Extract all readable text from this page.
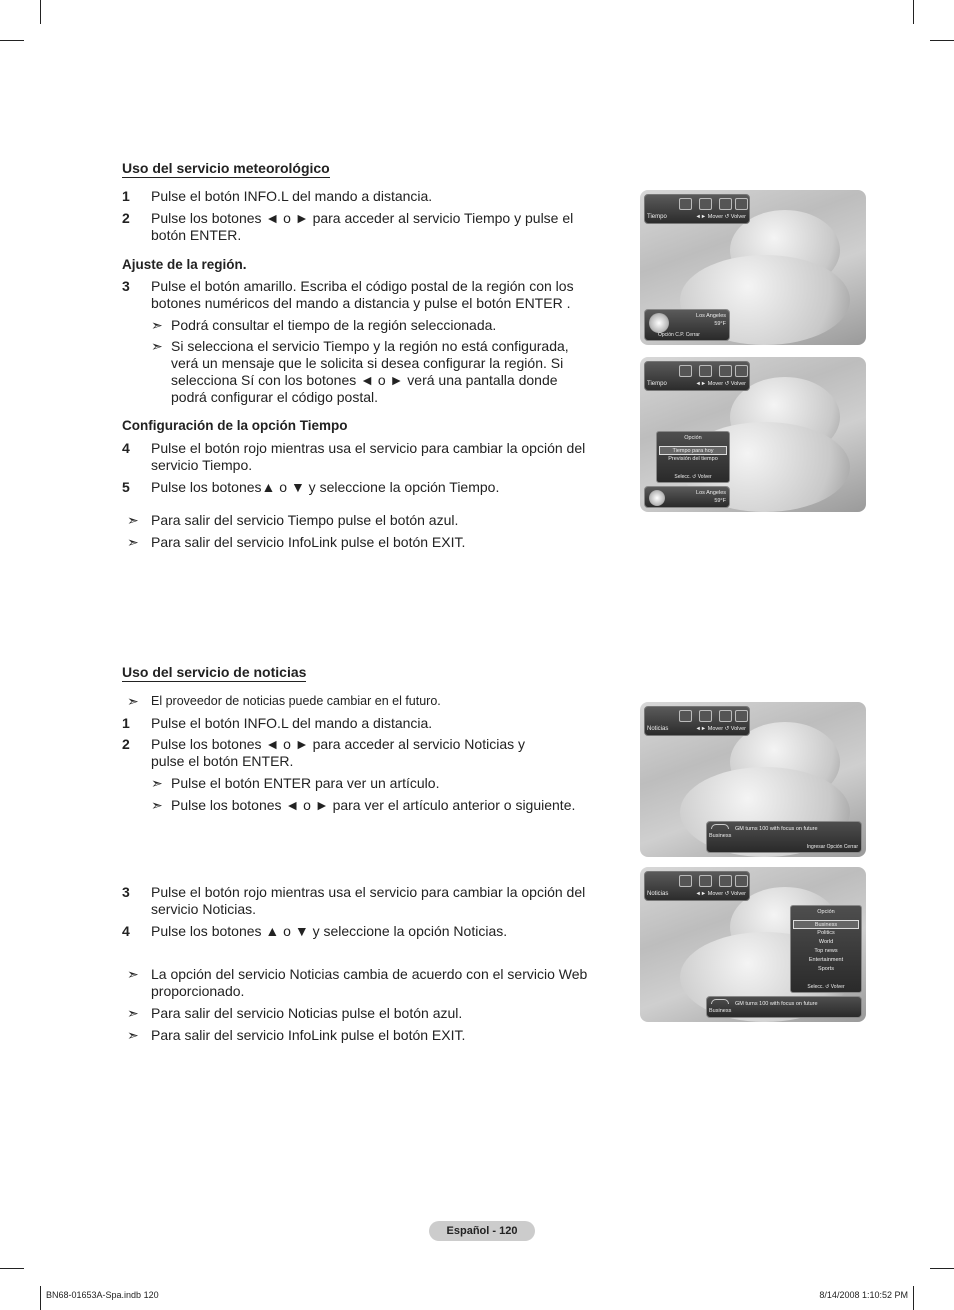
Uso del servicio meteorológico
1 Pulse el botón INFO.L del mando a distancia.
2 Pulse los botones ◄ o ► para acceder al servicio Tiempo y pulse el botón ENTER.
Ajuste de la región.
3 Pulse el botón amarillo. Escriba el código postal de la región con los botones numéricos del mando a distancia y pulse el botón ENTER .
➣ Podrá consultar el tiempo de la región seleccionada.
➣ Si selecciona el servicio Tiempo y la región no está configurada, verá un mensaje que le solicita si desea configurar la región. Si selecciona Sí con los botones ◄ o ► verá una pantalla donde podrá configurar el código postal.
Configuración de la opción Tiempo
4 Pulse el botón rojo mientras usa el servicio para cambiar la opción del servicio Tiempo.
5 Pulse los botones▲ o ▼ y seleccione la opción Tiempo.
➣ Para salir del servicio Tiempo pulse el botón azul.
➣ Para salir del servicio InfoLink pulse el botón EXIT.
Uso del servicio de noticias
➣ El proveedor de noticias puede cambiar en el futuro.
1 Pulse el botón INFO.L del mando a distancia.
2 Pulse los botones ◄ o ► para acceder al servicio Noticias y pulse el botón ENTER.
➣ Pulse el botón ENTER para ver un artículo.
➣ Pulse los botones ◄ o ► para ver el artículo anterior o siguiente.
3 Pulse el botón rojo mientras usa el servicio para cambiar la opción del servicio Noticias.
4 Pulse los botones ▲ o ▼ y seleccione la opción Noticias.
➣ La opción del servicio Noticias cambia de acuerdo con el servicio Web proporcionado.
➣ Para salir del servicio Noticias pulse el botón azul.
➣ Para salir del servicio InfoLink pulse el botón EXIT.
Tiempo	◄► Mover ↺ Volver
Los Angeles
59°F
Opción C.P. Cerrar
Tiempo	◄► Mover ↺ Volver
Opción
Tiempo para hoy
Previsión del tiempo
Selecc. ↺ Volver
Los Angeles
59°F
Noticias	◄► Mover ↺ Volver
Business
GM turns 100 with focus on future
Ingresar Opción Cerrar
Noticias	◄► Mover ↺ Volver
Opción
Business
Politics
World
Top news
Entertainment
Sports
Selecc. ↺ Volver
Business
GM turns 100 with focus on future
Español - 120
BN68-01653A-Spa.indb 120	8/14/2008 1:10:52 PM
